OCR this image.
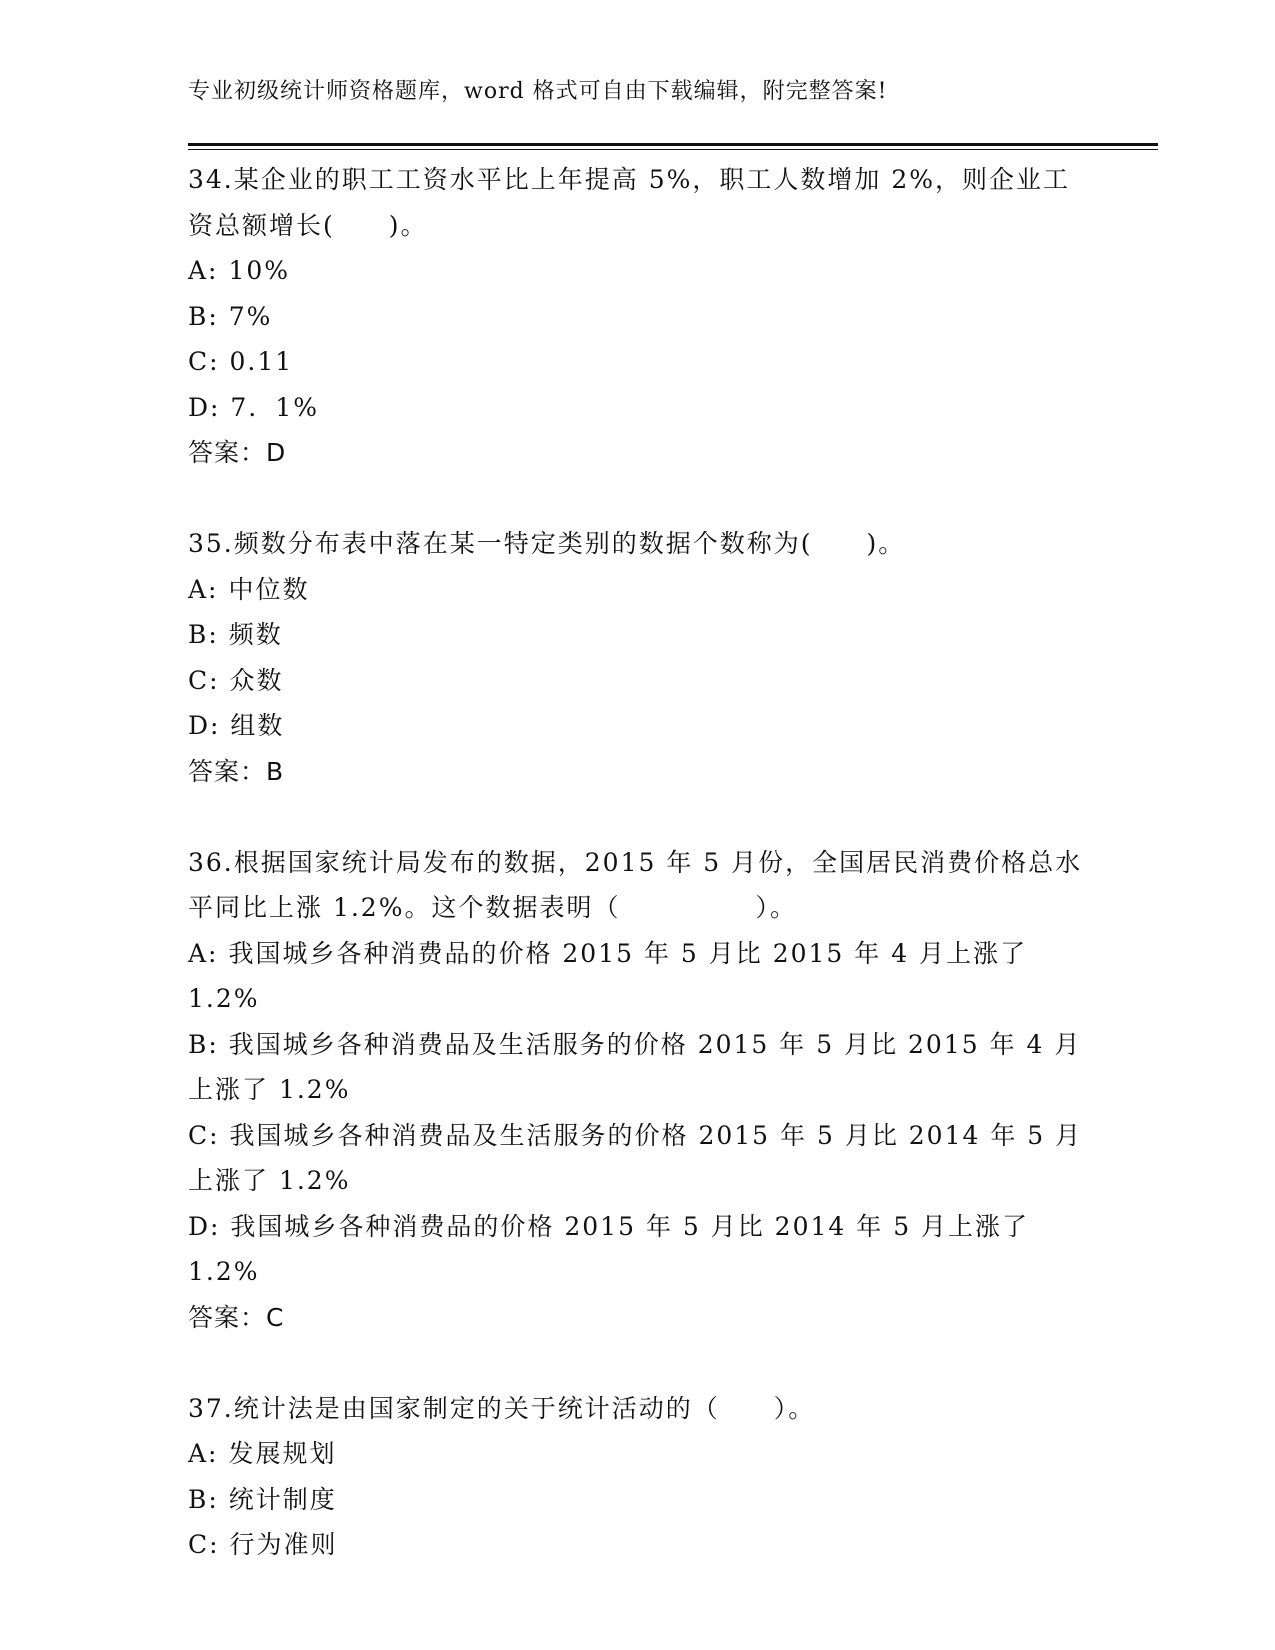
专业初级统计师资格题库，word 格式可自由下载编辑，附完整答案!

34.某企业的职工工资水平比上年提高 5%，职工人数增加 2%，则企业工资总额增长(　　)。

A: 10%

B: 7%

C: 0.11

D: 7．1%

答案：D

35.频数分布表中落在某一特定类别的数据个数称为(　　)。

A: 中位数

B: 频数

C: 众数

D: 组数

答案：B

36.根据国家统计局发布的数据，2015 年 5 月份，全国居民消费价格总水平同比上涨 1.2%。这个数据表明（　　　　　）。

A: 我国城乡各种消费品的价格 2015 年 5 月比 2015 年 4 月上涨了 1.2%

B: 我国城乡各种消费品及生活服务的价格 2015 年 5 月比 2015 年 4 月上涨了 1.2%

C: 我国城乡各种消费品及生活服务的价格 2015 年 5 月比 2014 年 5 月上涨了 1.2%

D: 我国城乡各种消费品的价格 2015 年 5 月比 2014 年 5 月上涨了 1.2%

答案：C

37.统计法是由国家制定的关于统计活动的（　　）。

A: 发展规划

B: 统计制度

C: 行为准则
